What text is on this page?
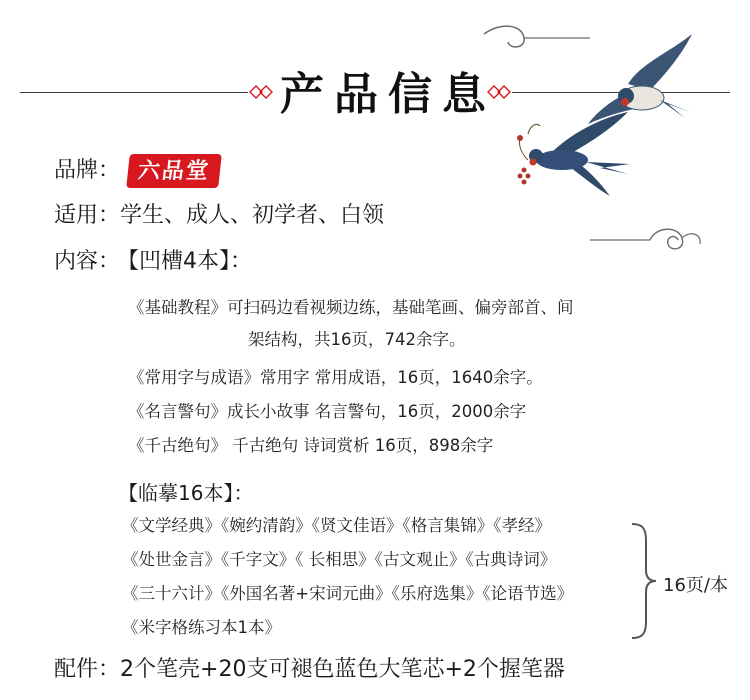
产品信息
品牌： 六品堂
适用：学生、成人、初学者、白领
内容： 【凹槽4本】：
《基础教程》可扫码边看视频边练，基础笔画、偏旁部首、间
架结构，共16页，742余字。
《常用字与成语》常用字 常用成语，16页，1640余字。
《名言警句》成长小故事 名言警句，16页，2000余字
《千古绝句》 千古绝句 诗词赏析 16页，898余字
【临摹16本】：
《文学经典》《婉约清韵》《贤文佳语》《格言集锦》《孝经》
《处世金言》《千字文》《 长相思》《古文观止》《古典诗词》
《三十六计》《外国名著+宋词元曲》《乐府选集》《论语节选》
《米字格练习本1本》
16页/本
配件：2个笔壳+20支可褪色蓝色大笔芯+2个握笔器
